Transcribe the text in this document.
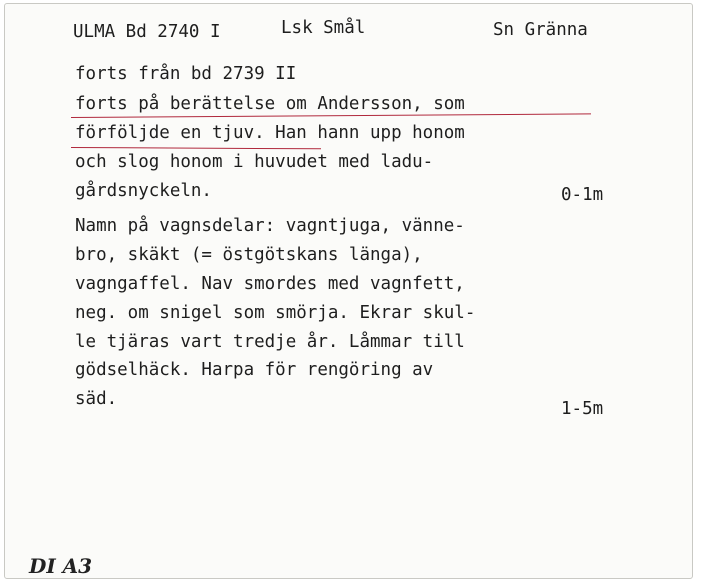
ULMA Bd 2740 I	Lsk Smål	Sn Gränna
forts från bd 2739 II
forts på berättelse om Andersson, som
förföljde en tjuv. Han hann upp honom
och slog honom i huvudet med ladu-
gårdsnyckeln.	0-1m
Namn på vagnsdelar: vagntjuga, vänne-
bro, skäkt (= östgötskans länga),
vagngaffel. Nav smordes med vagnfett,
neg. om snigel som smörja. Ekrar skul-
le tjäras vart tredje år. Låmmar till
gödselhäck. Harpa för rengöring av
säd.	1-5m
DI A3
